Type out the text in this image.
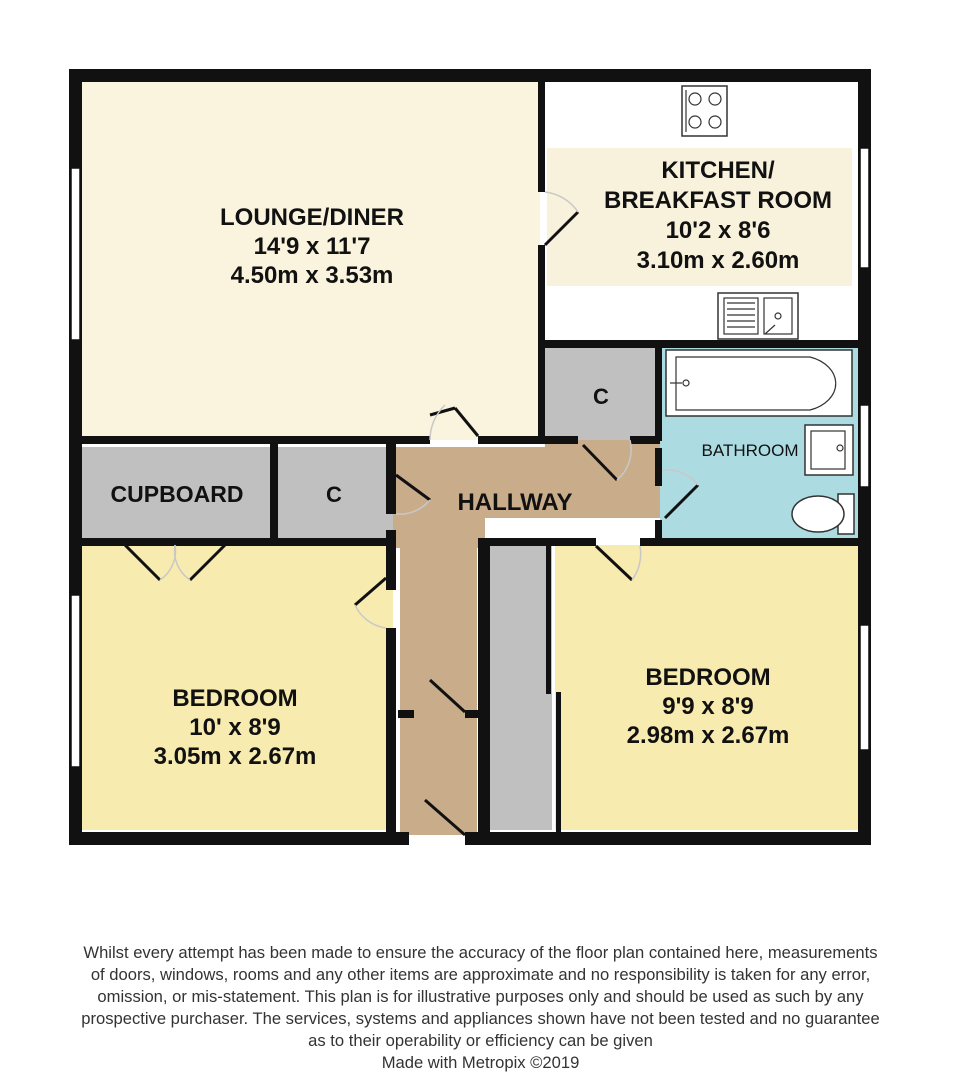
LOUNGE/DINER
14'9 x 11'7
4.50m x 3.53m
KITCHEN/
BREAKFAST ROOM
10'2 x 8'6
3.10m x 2.60m
C
BATHROOM
CUPBOARD	C	HALLWAY
BEDROOM
10' x 8'9
3.05m x 2.67m
BEDROOM
9'9 x 8'9
2.98m x 2.67m
Whilst every attempt has been made to ensure the accuracy of the floor plan contained here, measurements
of doors, windows, rooms and any other items are approximate and no responsibility is taken for any error,
omission, or mis-statement. This plan is for illustrative purposes only and should be used as such by any
prospective purchaser. The services, systems and appliances shown have not been tested and no guarantee
as to their operability or efficiency can be given
Made with Metropix ©2019
